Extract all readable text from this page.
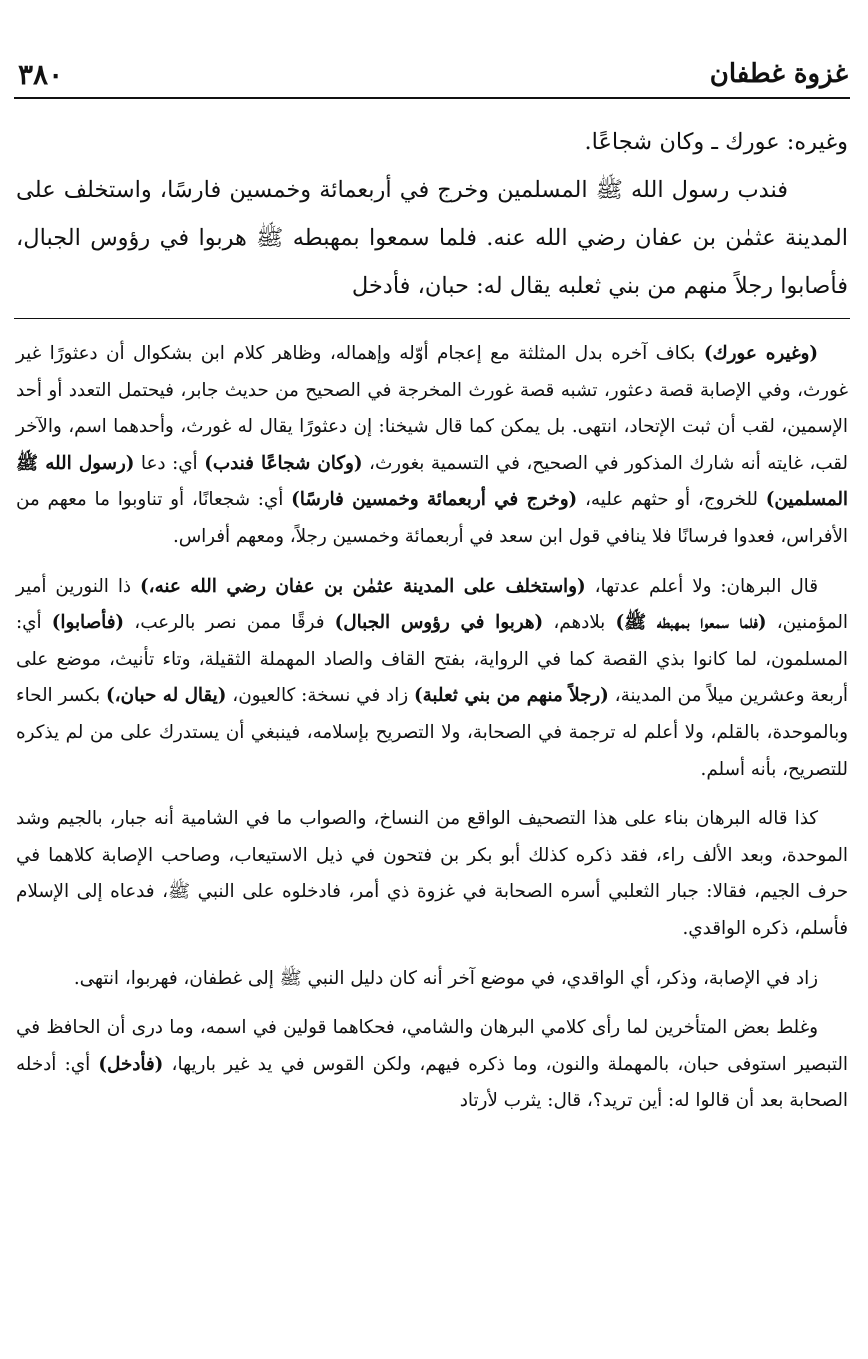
غزوة غطفان
٣٨٠

وغيره: عورك ـ وكان شجاعًا.

فندب رسول الله ﷺ المسلمين وخرج في أربعمائة وخمسين فارسًا، واستخلف على المدينة عثمٰن بن عفان رضي الله عنه. فلما سمعوا بمهبطه ﷺ هربوا في رؤوس الجبال، فأصابوا رجلاً منهم من بني ثعلبه يقال له: حبان، فأدخل

(وغيره عورك) بكاف آخره بدل المثلثة مع إعجام أوّله وإهماله، وظاهر كلام ابن بشكوال أن دعثورًا غير غورث، وفي الإصابة قصة دعثور، تشبه قصة غورث المخرجة في الصحيح من حديث جابر، فيحتمل التعدد أو أحد الإسمين، لقب أن ثبت الإتحاد، انتهى. بل يمكن كما قال شيخنا: إن دعثورًا يقال له غورث، وأحدهما اسم، والآخر لقب، غايته أنه شارك المذكور في الصحيح، في التسمية بغورث، (وكان شجاعًا فندب) أي: دعا (رسول الله ﷺ المسلمين) للخروج، أو حثهم عليه، (وخرج في أربعمائة وخمسين فارسًا) أي: شجعانًا، أو تناوبوا ما معهم من الأفراس، فعدوا فرسانًا فلا ينافي قول ابن سعد في أربعمائة وخمسين رجلاً، ومعهم أفراس.

قال البرهان: ولا أعلم عدتها، (واستخلف على المدينة عثمٰن بن عفان رضي الله عنه،) ذا النورين أمير المؤمنين، (فلما سمعوا بمهبطه ﷺ) بلادهم، (هربوا في رؤوس الجبال) فرقًا ممن نصر بالرعب، (فأصابوا) أي: المسلمون، لما كانوا بذي القصة كما في الرواية، بفتح القاف والصاد المهملة الثقيلة، وتاء تأنيث، موضع على أربعة وعشرين ميلاً من المدينة، (رجلاً منهم من بني ثعلبة) زاد في نسخة: كالعيون، (يقال له حبان،) بكسر الحاء وبالموحدة، بالقلم، ولا أعلم له ترجمة في الصحابة، ولا التصريح بإسلامه، فينبغي أن يستدرك على من لم يذكره للتصريح، بأنه أسلم.

كذا قاله البرهان بناء على هذا التصحيف الواقع من النساخ، والصواب ما في الشامية أنه جبار، بالجيم وشد الموحدة، وبعد الألف راء، فقد ذكره كذلك أبو بكر بن فتحون في ذيل الاستيعاب، وصاحب الإصابة كلاهما في حرف الجيم، فقالا: جبار الثعلبي أسره الصحابة في غزوة ذي أمر، فادخلوه على النبي ﷺ، فدعاه إلى الإسلام فأسلم، ذكره الواقدي.

زاد في الإصابة، وذكر، أي الواقدي، في موضع آخر أنه كان دليل النبي ﷺ إلى غطفان، فهربوا، انتهى.

وغلط بعض المتأخرين لما رأى كلامي البرهان والشامي، فحكاهما قولين في اسمه، وما درى أن الحافظ في التبصير استوفى حبان، بالمهملة والنون، وما ذكره فيهم، ولكن القوس في يد غير باريها، (فأدخل) أي: أدخله الصحابة بعد أن قالوا له: أين تريد؟، قال: يثرب لأرتاد
